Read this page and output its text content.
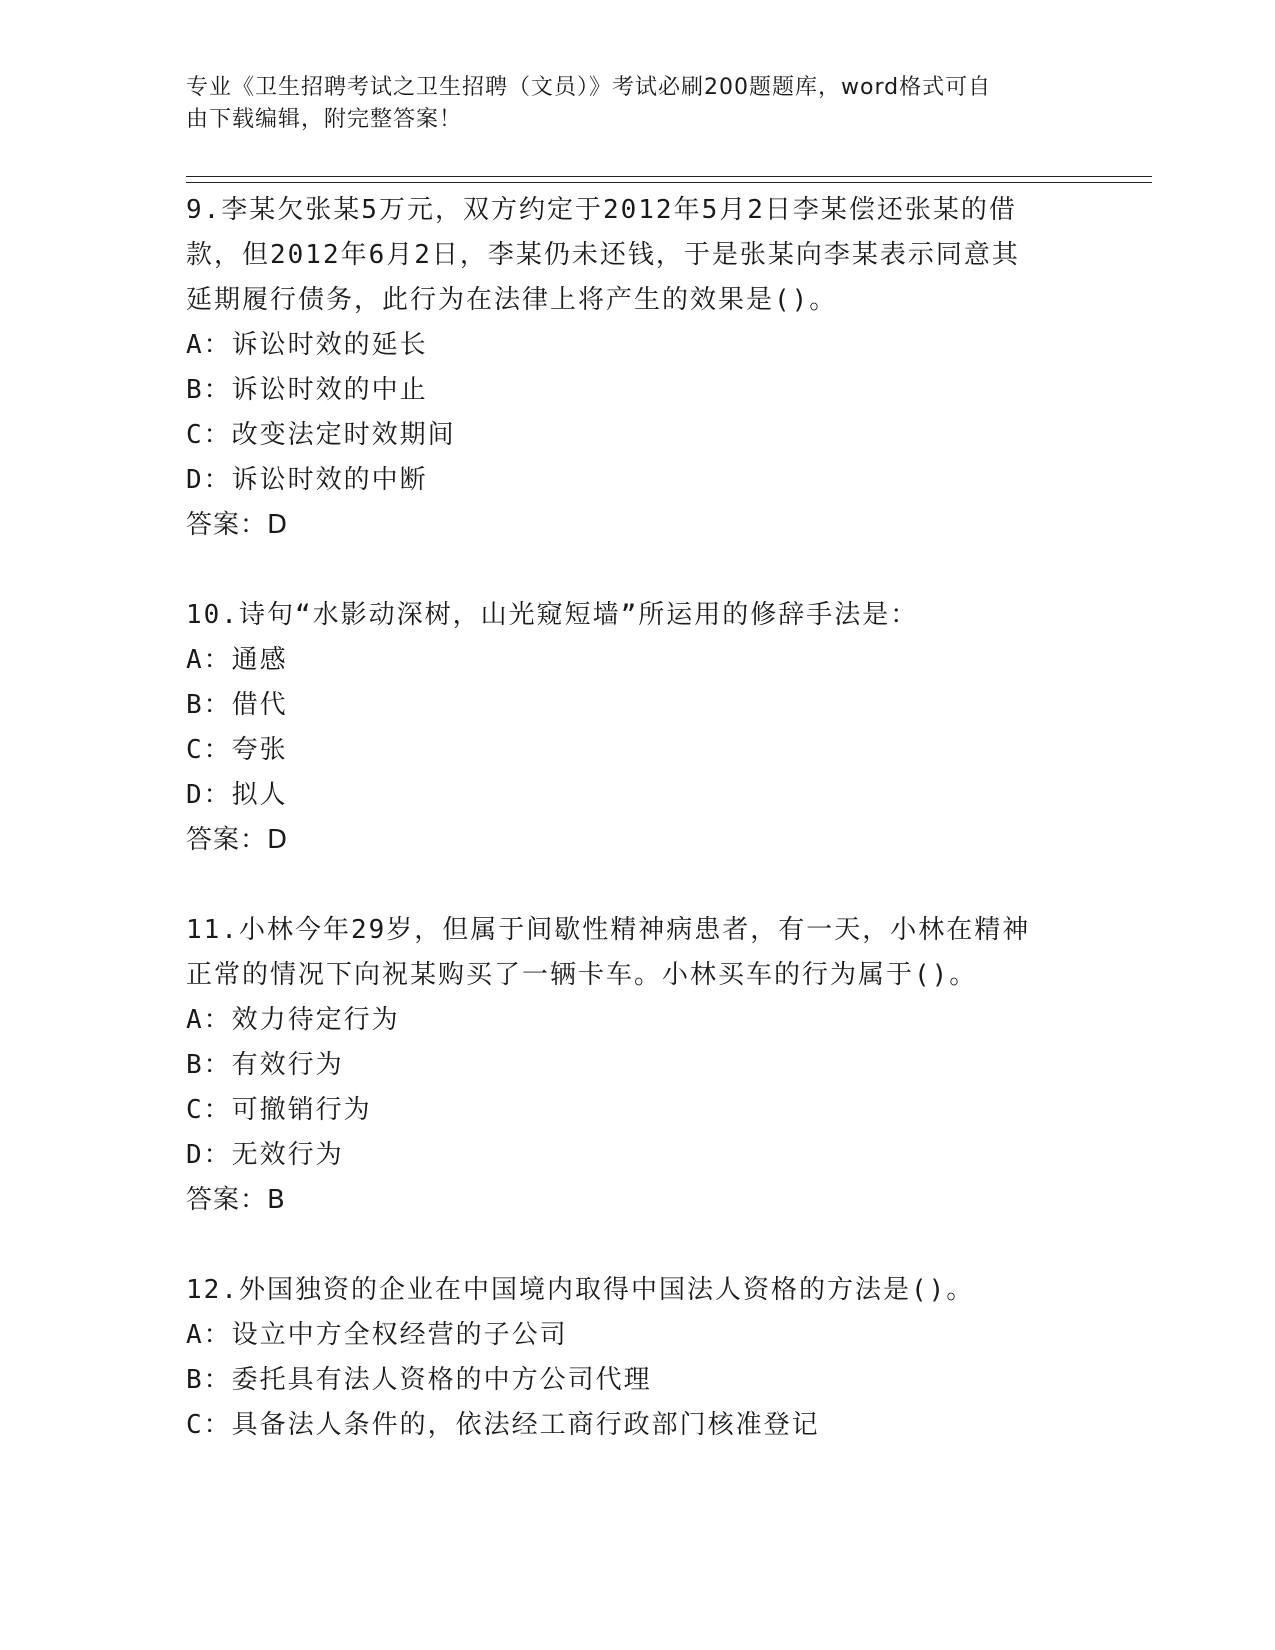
专业《卫生招聘考试之卫生招聘（文员）》考试必刷200题题库，word格式可自
由下载编辑，附完整答案！

9.李某欠张某5万元，双方约定于2012年5月2日李某偿还张某的借

款，但2012年6月2日，李某仍未还钱，于是张某向李某表示同意其

延期履行债务，此行为在法律上将产生的效果是()。

A：诉讼时效的延长

B：诉讼时效的中止

C：改变法定时效期间

D：诉讼时效的中断

答案：D

10.诗句“水影动深树，山光窥短墙”所运用的修辞手法是：

A：通感

B：借代

C：夸张

D：拟人

答案：D

11.小林今年29岁，但属于间歇性精神病患者，有一天，小林在精神

正常的情况下向祝某购买了一辆卡车。小林买车的行为属于()。

A：效力待定行为

B：有效行为

C：可撤销行为

D：无效行为

答案：B

12.外国独资的企业在中国境内取得中国法人资格的方法是()。

A：设立中方全权经营的子公司

B：委托具有法人资格的中方公司代理

C：具备法人条件的，依法经工商行政部门核准登记
